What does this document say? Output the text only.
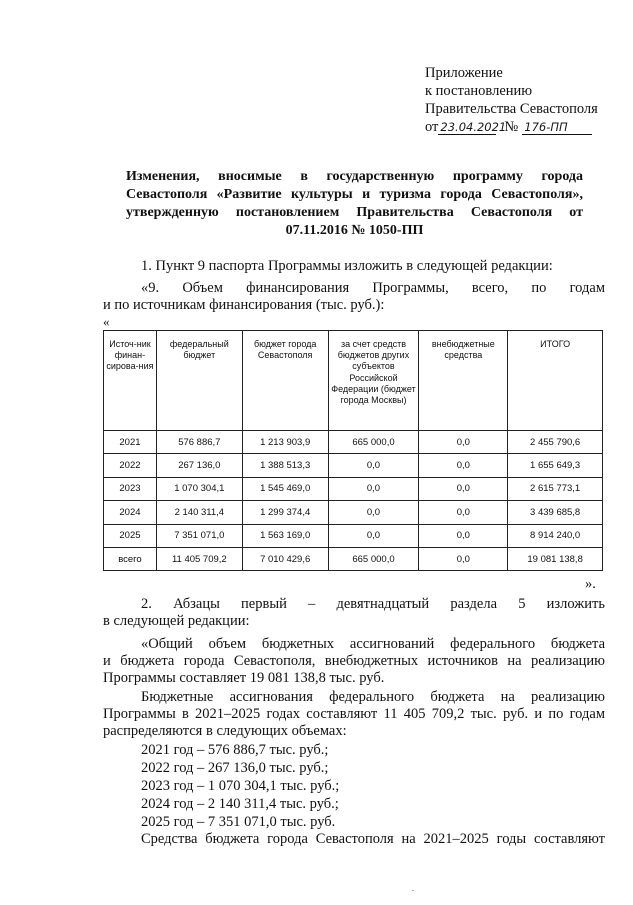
Приложение
к постановлению
Правительства Севастополя
от 23.04.2021
№ 176-ПП
Изменения, вносимые в государственную программу города Севастополя «Развитие культуры и туризма города Севастополя», утвержденную постановлением Правительства Севастополя от 07.11.2016 № 1050-ПП
1. Пункт 9 паспорта Программы изложить в следующей редакции:
«9. Объем финансирования Программы, всего, по годам
и по источникам финансирования (тыс. руб.):
«
Источ-ник финан-сирова-ния	федеральный бюджет	бюджет города Севастополя	за счет средств бюджетов других субъектов Российской Федерации (бюджет города Москвы)	внебюджетные средства	ИТОГО
2021	576 886,7	1 213 903,9	665 000,0	0,0	2 455 790,6
2022	267 136,0	1 388 513,3	0,0	0,0	1 655 649,3
2023	1 070 304,1	1 545 469,0	0,0	0,0	2 615 773,1
2024	2 140 311,4	1 299 374,4	0,0	0,0	3 439 685,8
2025	7 351 071,0	1 563 169,0	0,0	0,0	8 914 240,0
всего	11 405 709,2	7 010 429,6	665 000,0	0,0	19 081 138,8
».
2. Абзацы первый – девятнадцатый раздела 5 изложить
в следующей редакции:
«Общий объем бюджетных ассигнований федерального бюджета
и бюджета города Севастополя, внебюджетных источников на реализацию
Программы составляет 19 081 138,8 тыс. руб.
Бюджетные ассигнования федерального бюджета на реализацию
Программы в 2021–2025 годах составляют 11 405 709,2 тыс. руб. и по годам
распределяются в следующих объемах:
2021 год – 576 886,7 тыс. руб.;
2022 год – 267 136,0 тыс. руб.;
2023 год – 1 070 304,1 тыс. руб.;
2024 год – 2 140 311,4 тыс. руб.;
2025 год – 7 351 071,0 тыс. руб.
Средства бюджета города Севастополя на 2021–2025 годы составляют
.
